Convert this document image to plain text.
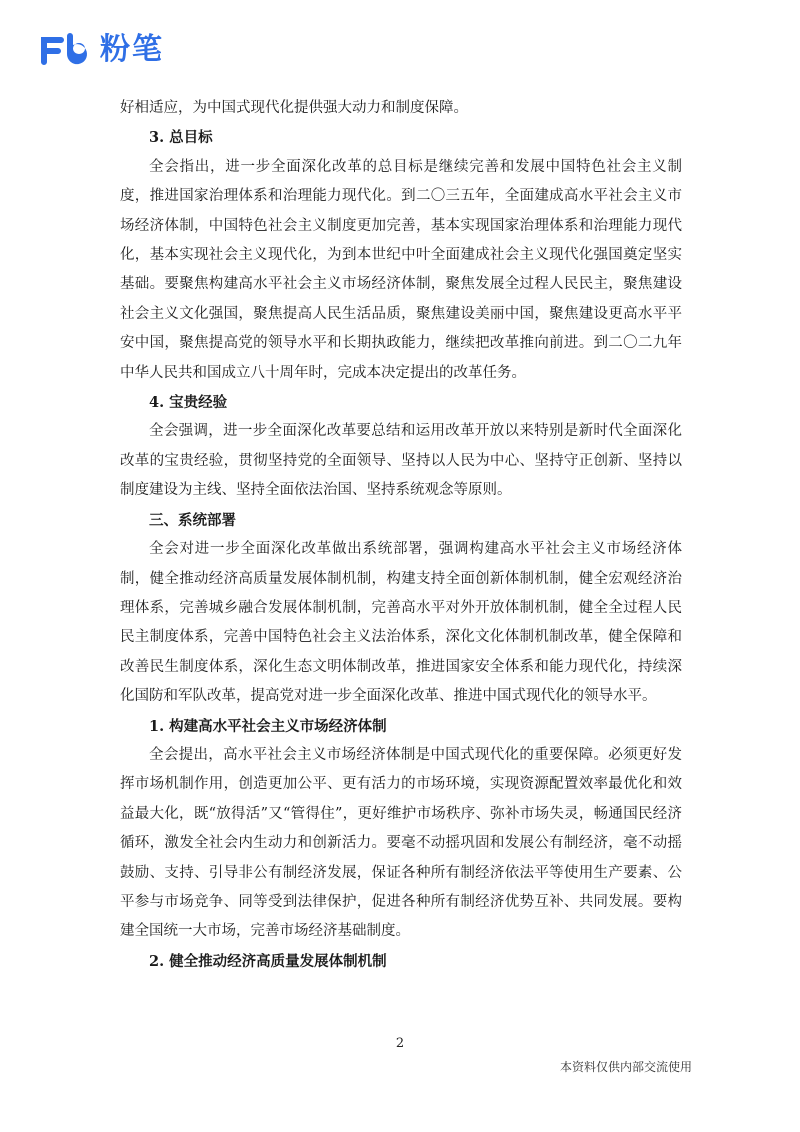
粉笔

好相适应，为中国式现代化提供强大动力和制度保障。

3. 总目标

全会指出，进一步全面深化改革的总目标是继续完善和发展中国特色社会主义制度，推进国家治理体系和治理能力现代化。到二〇三五年，全面建成高水平社会主义市场经济体制，中国特色社会主义制度更加完善，基本实现国家治理体系和治理能力现代化，基本实现社会主义现代化，为到本世纪中叶全面建成社会主义现代化强国奠定坚实基础。要聚焦构建高水平社会主义市场经济体制，聚焦发展全过程人民民主，聚焦建设社会主义文化强国，聚焦提高人民生活品质，聚焦建设美丽中国，聚焦建设更高水平平安中国，聚焦提高党的领导水平和长期执政能力，继续把改革推向前进。到二〇二九年中华人民共和国成立八十周年时，完成本决定提出的改革任务。

4. 宝贵经验

全会强调，进一步全面深化改革要总结和运用改革开放以来特别是新时代全面深化改革的宝贵经验，贯彻坚持党的全面领导、坚持以人民为中心、坚持守正创新、坚持以制度建设为主线、坚持全面依法治国、坚持系统观念等原则。

三、系统部署

全会对进一步全面深化改革做出系统部署，强调构建高水平社会主义市场经济体制，健全推动经济高质量发展体制机制，构建支持全面创新体制机制，健全宏观经济治理体系，完善城乡融合发展体制机制，完善高水平对外开放体制机制，健全全过程人民民主制度体系，完善中国特色社会主义法治体系，深化文化体制机制改革，健全保障和改善民生制度体系，深化生态文明体制改革，推进国家安全体系和能力现代化，持续深化国防和军队改革，提高党对进一步全面深化改革、推进中国式现代化的领导水平。

1. 构建高水平社会主义市场经济体制

全会提出，高水平社会主义市场经济体制是中国式现代化的重要保障。必须更好发挥市场机制作用，创造更加公平、更有活力的市场环境，实现资源配置效率最优化和效益最大化，既“放得活”又“管得住”，更好维护市场秩序、弥补市场失灵，畅通国民经济循环，激发全社会内生动力和创新活力。要毫不动摇巩固和发展公有制经济，毫不动摇鼓励、支持、引导非公有制经济发展，保证各种所有制经济依法平等使用生产要素、公平参与市场竞争、同等受到法律保护，促进各种所有制经济优势互补、共同发展。要构建全国统一大市场，完善市场经济基础制度。

2. 健全推动经济高质量发展体制机制

2
本资料仅供内部交流使用
